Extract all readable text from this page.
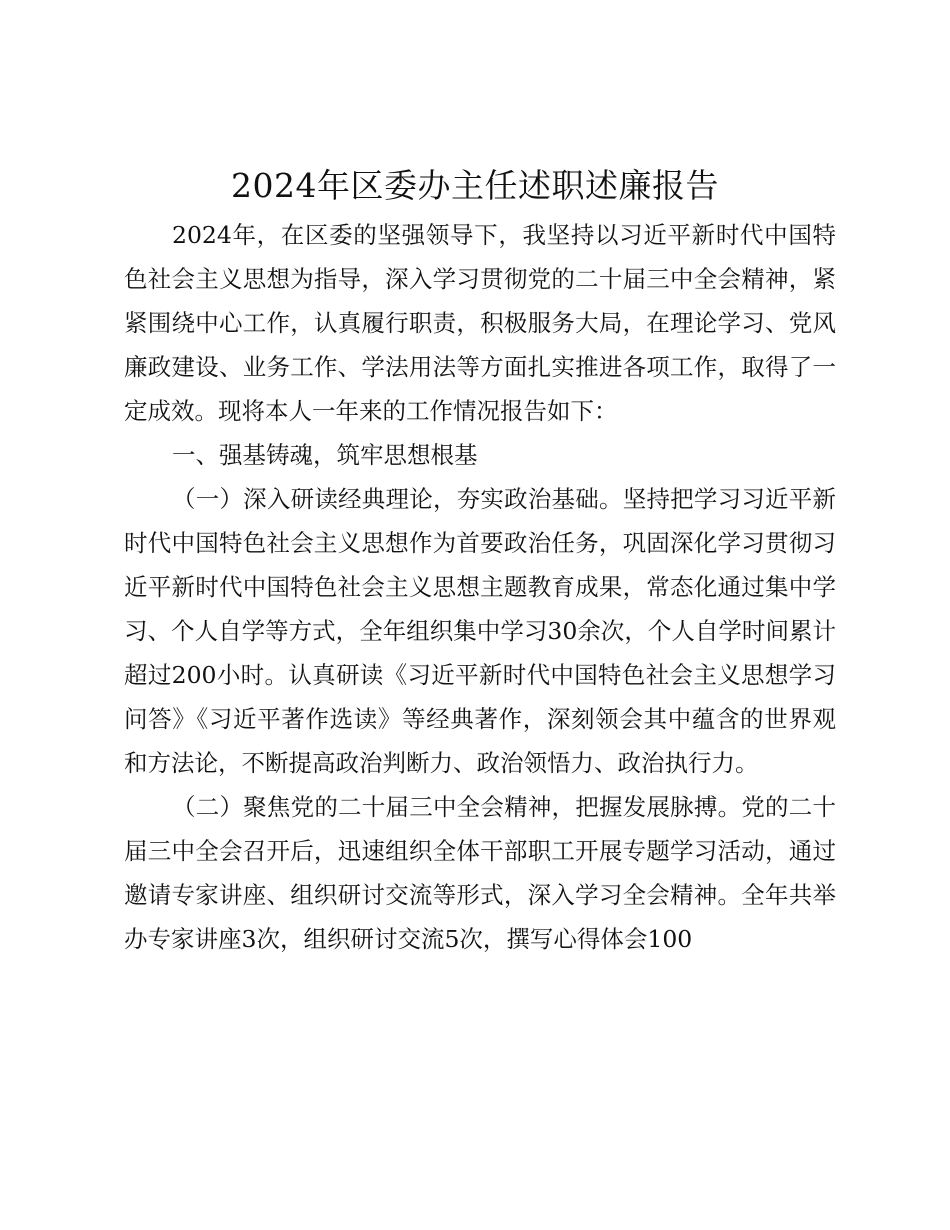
2024年区委办主任述职述廉报告

2024年，在区委的坚强领导下，我坚持以习近平新时代中国特色社会主义思想为指导，深入学习贯彻党的二十届三中全会精神，紧紧围绕中心工作，认真履行职责，积极服务大局，在理论学习、党风廉政建设、业务工作、学法用法等方面扎实推进各项工作，取得了一定成效。现将本人一年来的工作情况报告如下：

一、强基铸魂，筑牢思想根基

（一）深入研读经典理论，夯实政治基础。坚持把学习习近平新时代中国特色社会主义思想作为首要政治任务，巩固深化学习贯彻习近平新时代中国特色社会主义思想主题教育成果，常态化通过集中学习、个人自学等方式，全年组织集中学习30余次，个人自学时间累计超过200小时。认真研读《习近平新时代中国特色社会主义思想学习问答》《习近平著作选读》等经典著作，深刻领会其中蕴含的世界观和方法论，不断提高政治判断力、政治领悟力、政治执行力。

（二）聚焦党的二十届三中全会精神，把握发展脉搏。党的二十届三中全会召开后，迅速组织全体干部职工开展专题学习活动，通过邀请专家讲座、组织研讨交流等形式，深入学习全会精神。全年共举办专家讲座3次，组织研讨交流5次，撰写心得体会100
